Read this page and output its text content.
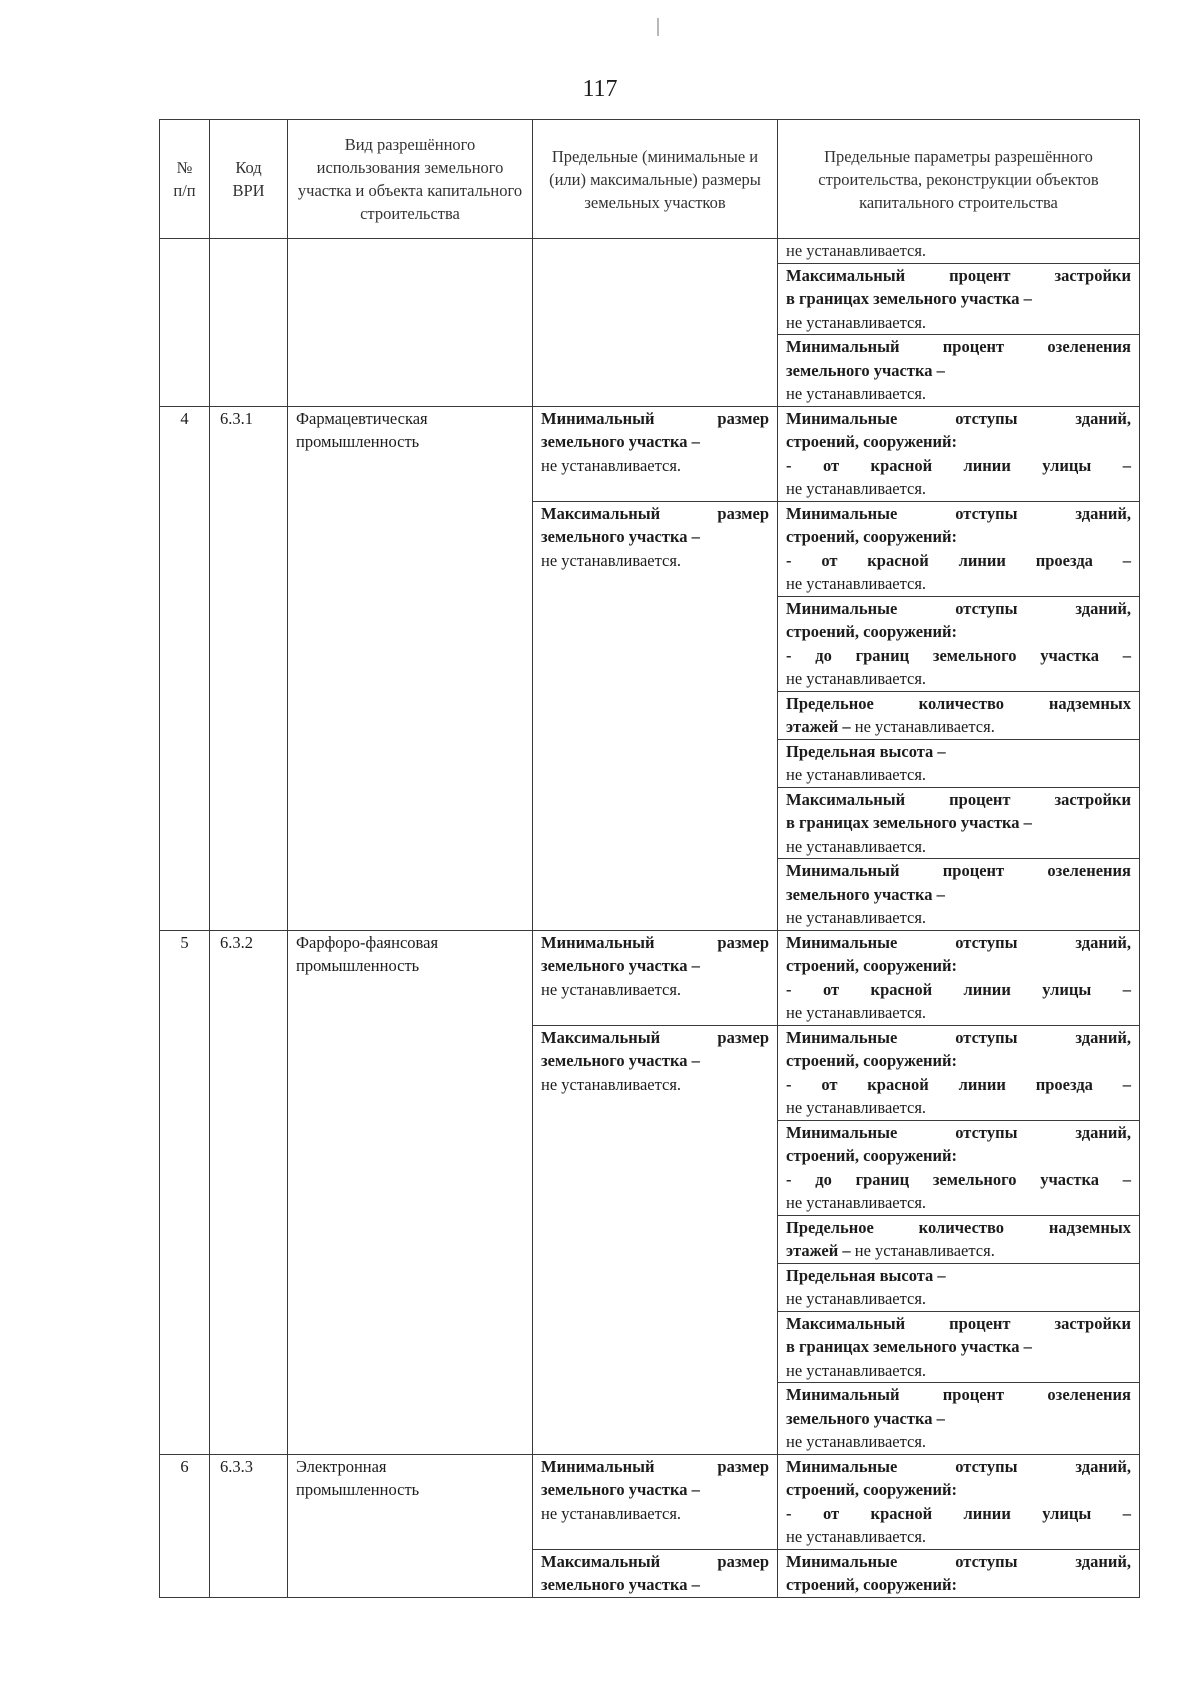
117
№ п/п	Код ВРИ	Вид разрешённого использования земельного участка и объекта капитального строительства	Предельные (минимальные и (или) максимальные) размеры земельных участков	Предельные параметры разрешённого строительства, реконструкции объектов капитального строительства

				не устанавливается.

				Максимальный процент застройки
в границах земельного участка –
не устанавливается.

				Минимальный процент озеленения
земельного участка –
не устанавливается.

4	6.3.1	Фармацевтическая
промышленность	Минимальный размер
земельного участка –
не устанавливается.	Минимальные отступы зданий,
строений, сооружений:
- от красной линии улицы –
не устанавливается.

			Максимальный размер
земельного участка –
не устанавливается.	Минимальные отступы зданий,
строений, сооружений:
- от красной линии проезда –
не устанавливается.

				Минимальные отступы зданий,
строений, сооружений:
- до границ земельного участка –
не устанавливается.

				Предельное количество надземных
этажей – не устанавливается.

				Предельная высота –
не устанавливается.

				Максимальный процент застройки
в границах земельного участка –
не устанавливается.

				Минимальный процент озеленения
земельного участка –
не устанавливается.

5	6.3.2	Фарфоро-фаянсовая
промышленность	Минимальный размер
земельного участка –
не устанавливается.	Минимальные отступы зданий,
строений, сооружений:
- от красной линии улицы –
не устанавливается.

			Максимальный размер
земельного участка –
не устанавливается.	Минимальные отступы зданий,
строений, сооружений:
- от красной линии проезда –
не устанавливается.

				Минимальные отступы зданий,
строений, сооружений:
- до границ земельного участка –
не устанавливается.

				Предельное количество надземных
этажей – не устанавливается.

				Предельная высота –
не устанавливается.

				Максимальный процент застройки
в границах земельного участка –
не устанавливается.

				Минимальный процент озеленения
земельного участка –
не устанавливается.

6	6.3.3	Электронная
промышленность	Минимальный размер
земельного участка –
не устанавливается.	Минимальные отступы зданий,
строений, сооружений:
- от красной линии улицы –
не устанавливается.

			Максимальный размер
земельного участка –	Минимальные отступы зданий,
строений, сооружений:
